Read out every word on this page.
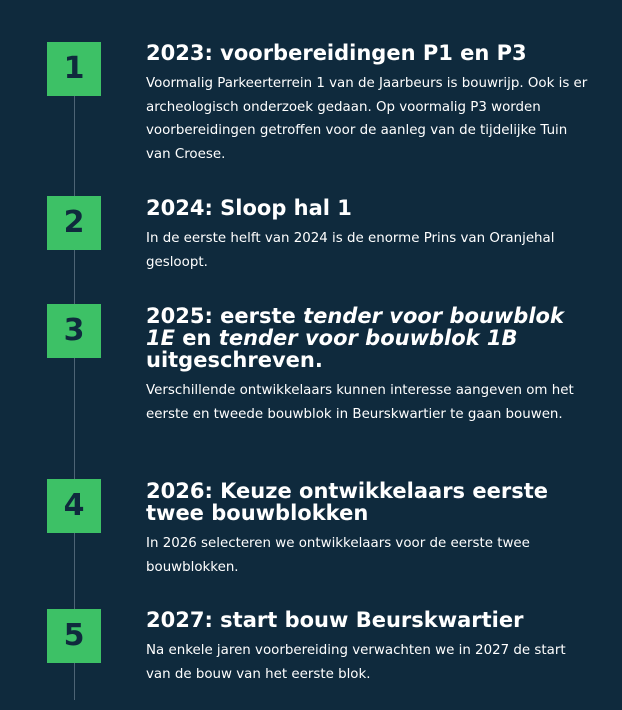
1	2023: voorbereidingen P1 en P3

Voormalig Parkeerterrein 1 van de Jaarbeurs is bouwrijp. Ook is er archeologisch onderzoek gedaan. Op voormalig P3 worden voorbereidingen getroffen voor de aanleg van de tijdelijke Tuin van Croese.

2	2024: Sloop hal 1

In de eerste helft van 2024 is de enorme Prins van Oranjehal gesloopt.

3	2025: eerste tender voor bouwblok 1E en tender voor bouwblok 1B uitgeschreven.

Verschillende ontwikkelaars kunnen interesse aangeven om het eerste en tweede bouwblok in Beurskwartier te gaan bouwen.

4	2026: Keuze ontwikkelaars eerste twee bouwblokken

In 2026 selecteren we ontwikkelaars voor de eerste twee bouwblokken.

5	2027: start bouw Beurskwartier

Na enkele jaren voorbereiding verwachten we in 2027 de start van de bouw van het eerste blok.
